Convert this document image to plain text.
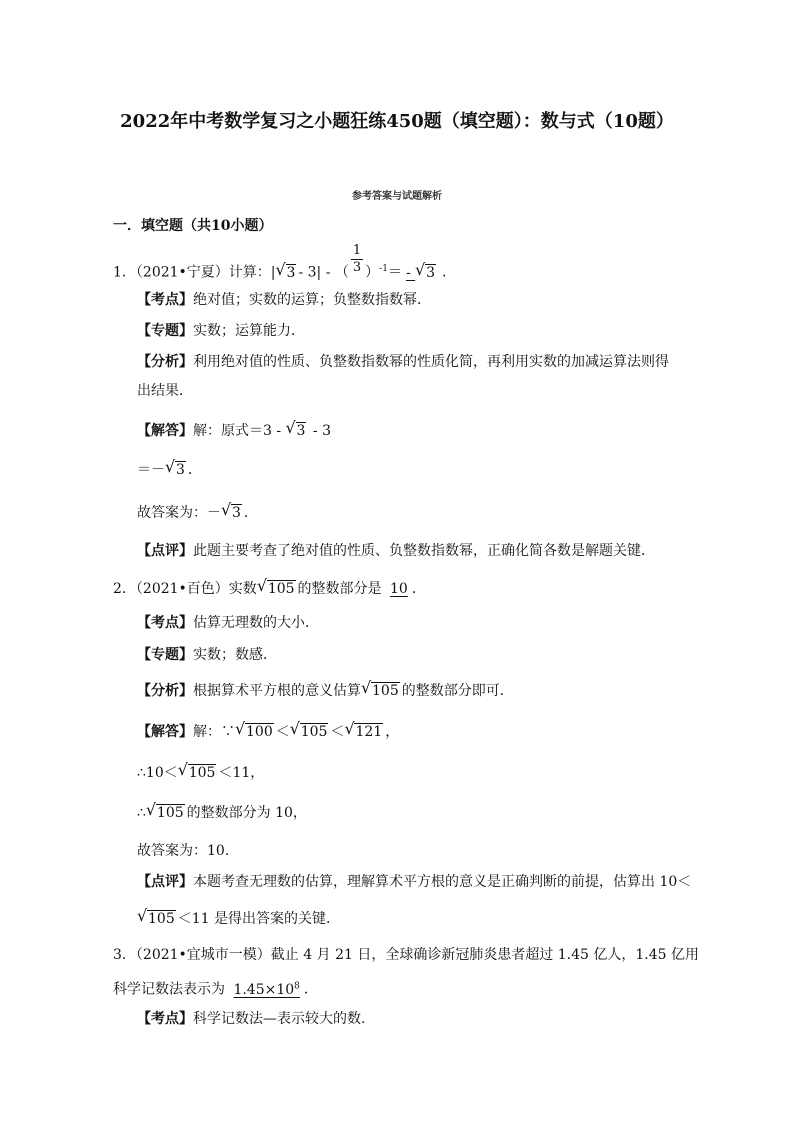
2022年中考数学复习之小题狂练450题（填空题）：数与式（10题）
参考答案与试题解析
一．填空题（共10小题）
1．（2021•宁夏）计算：| √ 3 - 3| - （ $\frac{1}{3} )^{-1}=$ - √ 3 ．
【考点】绝对值；实数的运算；负整数指数幂．
【专题】实数；运算能力．
【分析】利用绝对值的性质、负整数指数幂的性质化简，再利用实数的加减运算法则得
出结果．
【解答】解：原式＝3 - √ 3 - 3
＝－ √ 3 ．
故答案为：－ √ 3 ．
【点评】此题主要考查了绝对值的性质、负整数指数幂，正确化简各数是解题关键．
2．（2021•百色）实数 √ 105 的整数部分是 10 ．
【考点】估算无理数的大小．
【专题】实数；数感．
【分析】根据算术平方根的意义估算 √ 105 的整数部分即可．
【解答】解：∵ √ 100 ＜ √ 105 ＜ √ 121 ，
∴10＜ √ 105 ＜11，
∴ √ 105 的整数部分为 10，
故答案为：10．
【点评】本题考查无理数的估算，理解算术平方根的意义是正确判断的前提，估算出 10＜
√ 105 ＜11 是得出答案的关键．
3．（2021•宜城市一模）截止 4 月 21 日，全球确诊新冠肺炎患者超过 1.45 亿人，1.45 亿用
科学记数法表示为 $1.45\times 10^8$ ．
【考点】科学记数法—表示较大的数．
